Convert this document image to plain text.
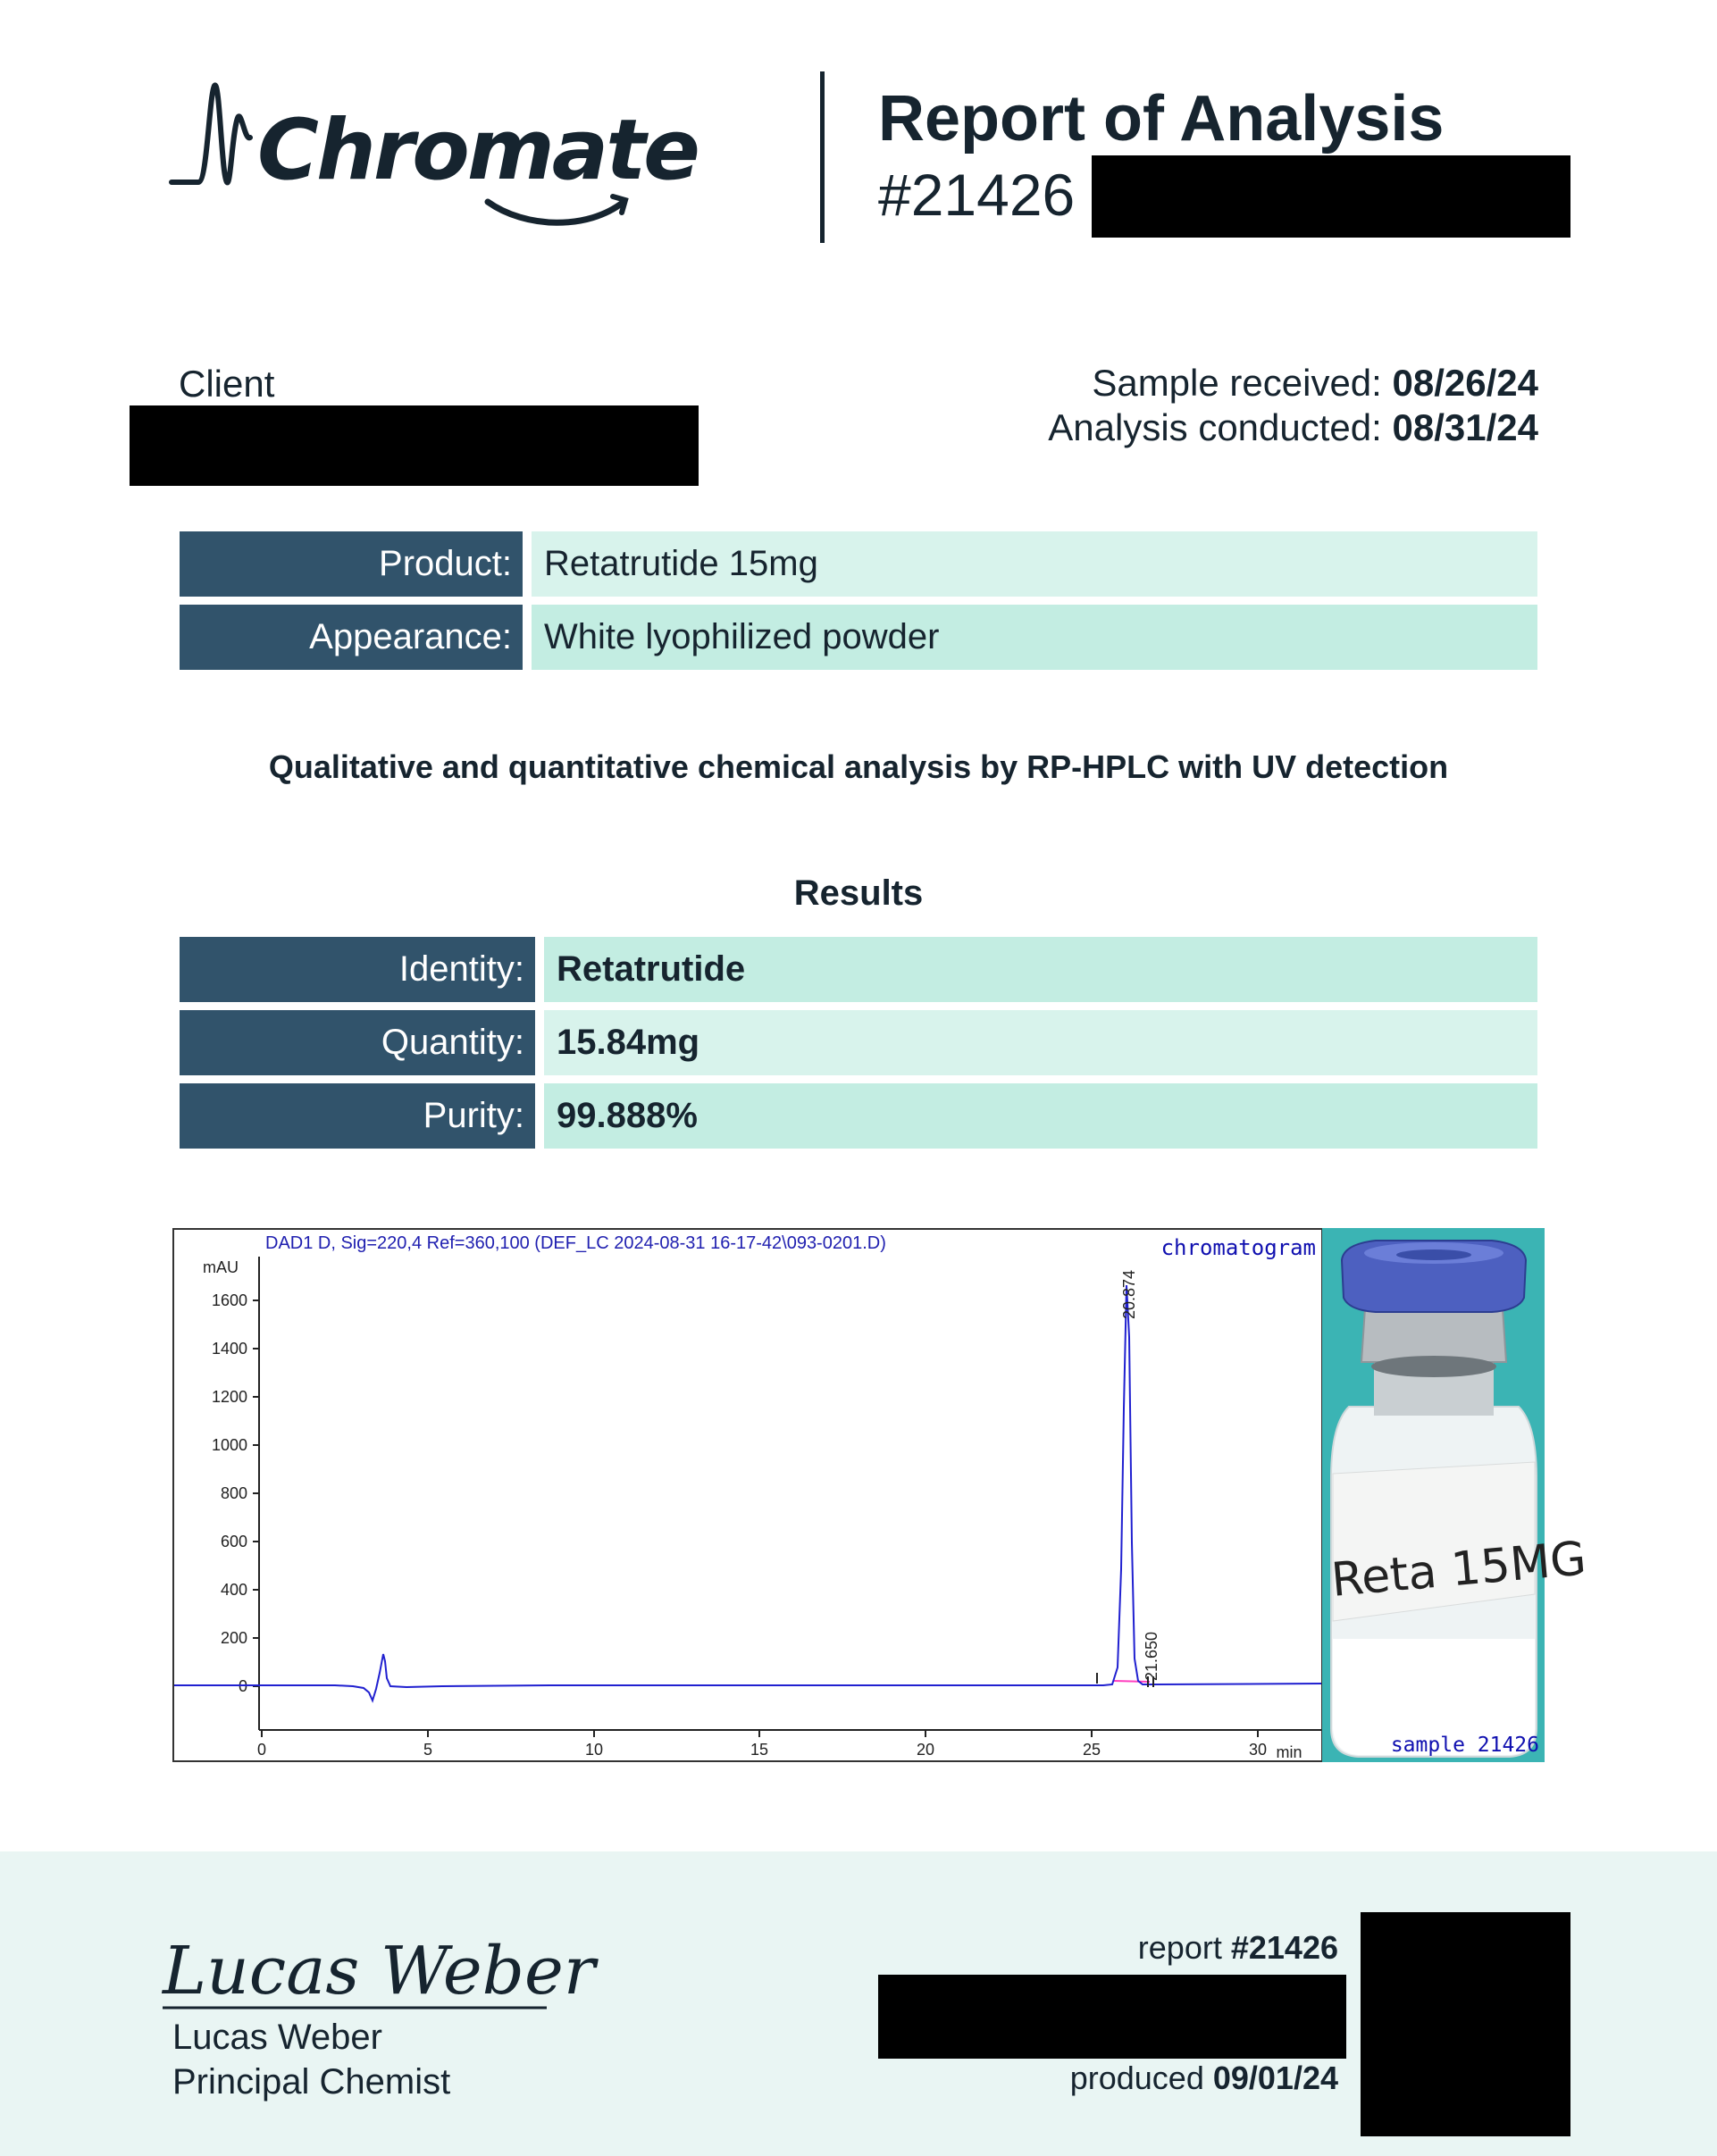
Chromate	Report of Analysis
#21426
Client	Sample received: 08/26/24
Analysis conducted: 08/31/24
Product: Retatrutide 15mg
Appearance: White lyophilized powder
Qualitative and quantitative chemical analysis by RP-HPLC with UV detection
Results
Identity: Retatrutide
Quantity: 15.84mg
Purity: 99.888%
mAU
min
0
200
400
600
800
1000
1200
1400
1600
0	5	10	15	20	25	30
20.874
21.650
DAD1 D, Sig=220,4 Ref=360,100 (DEF_LC 2024-08-31 16-17-42\093-0201.D)	chromatogram
Reta 15MG
sample 21426
Lucas Weber
Lucas Weber
Principal Chemist
report #21426
produced 09/01/24
